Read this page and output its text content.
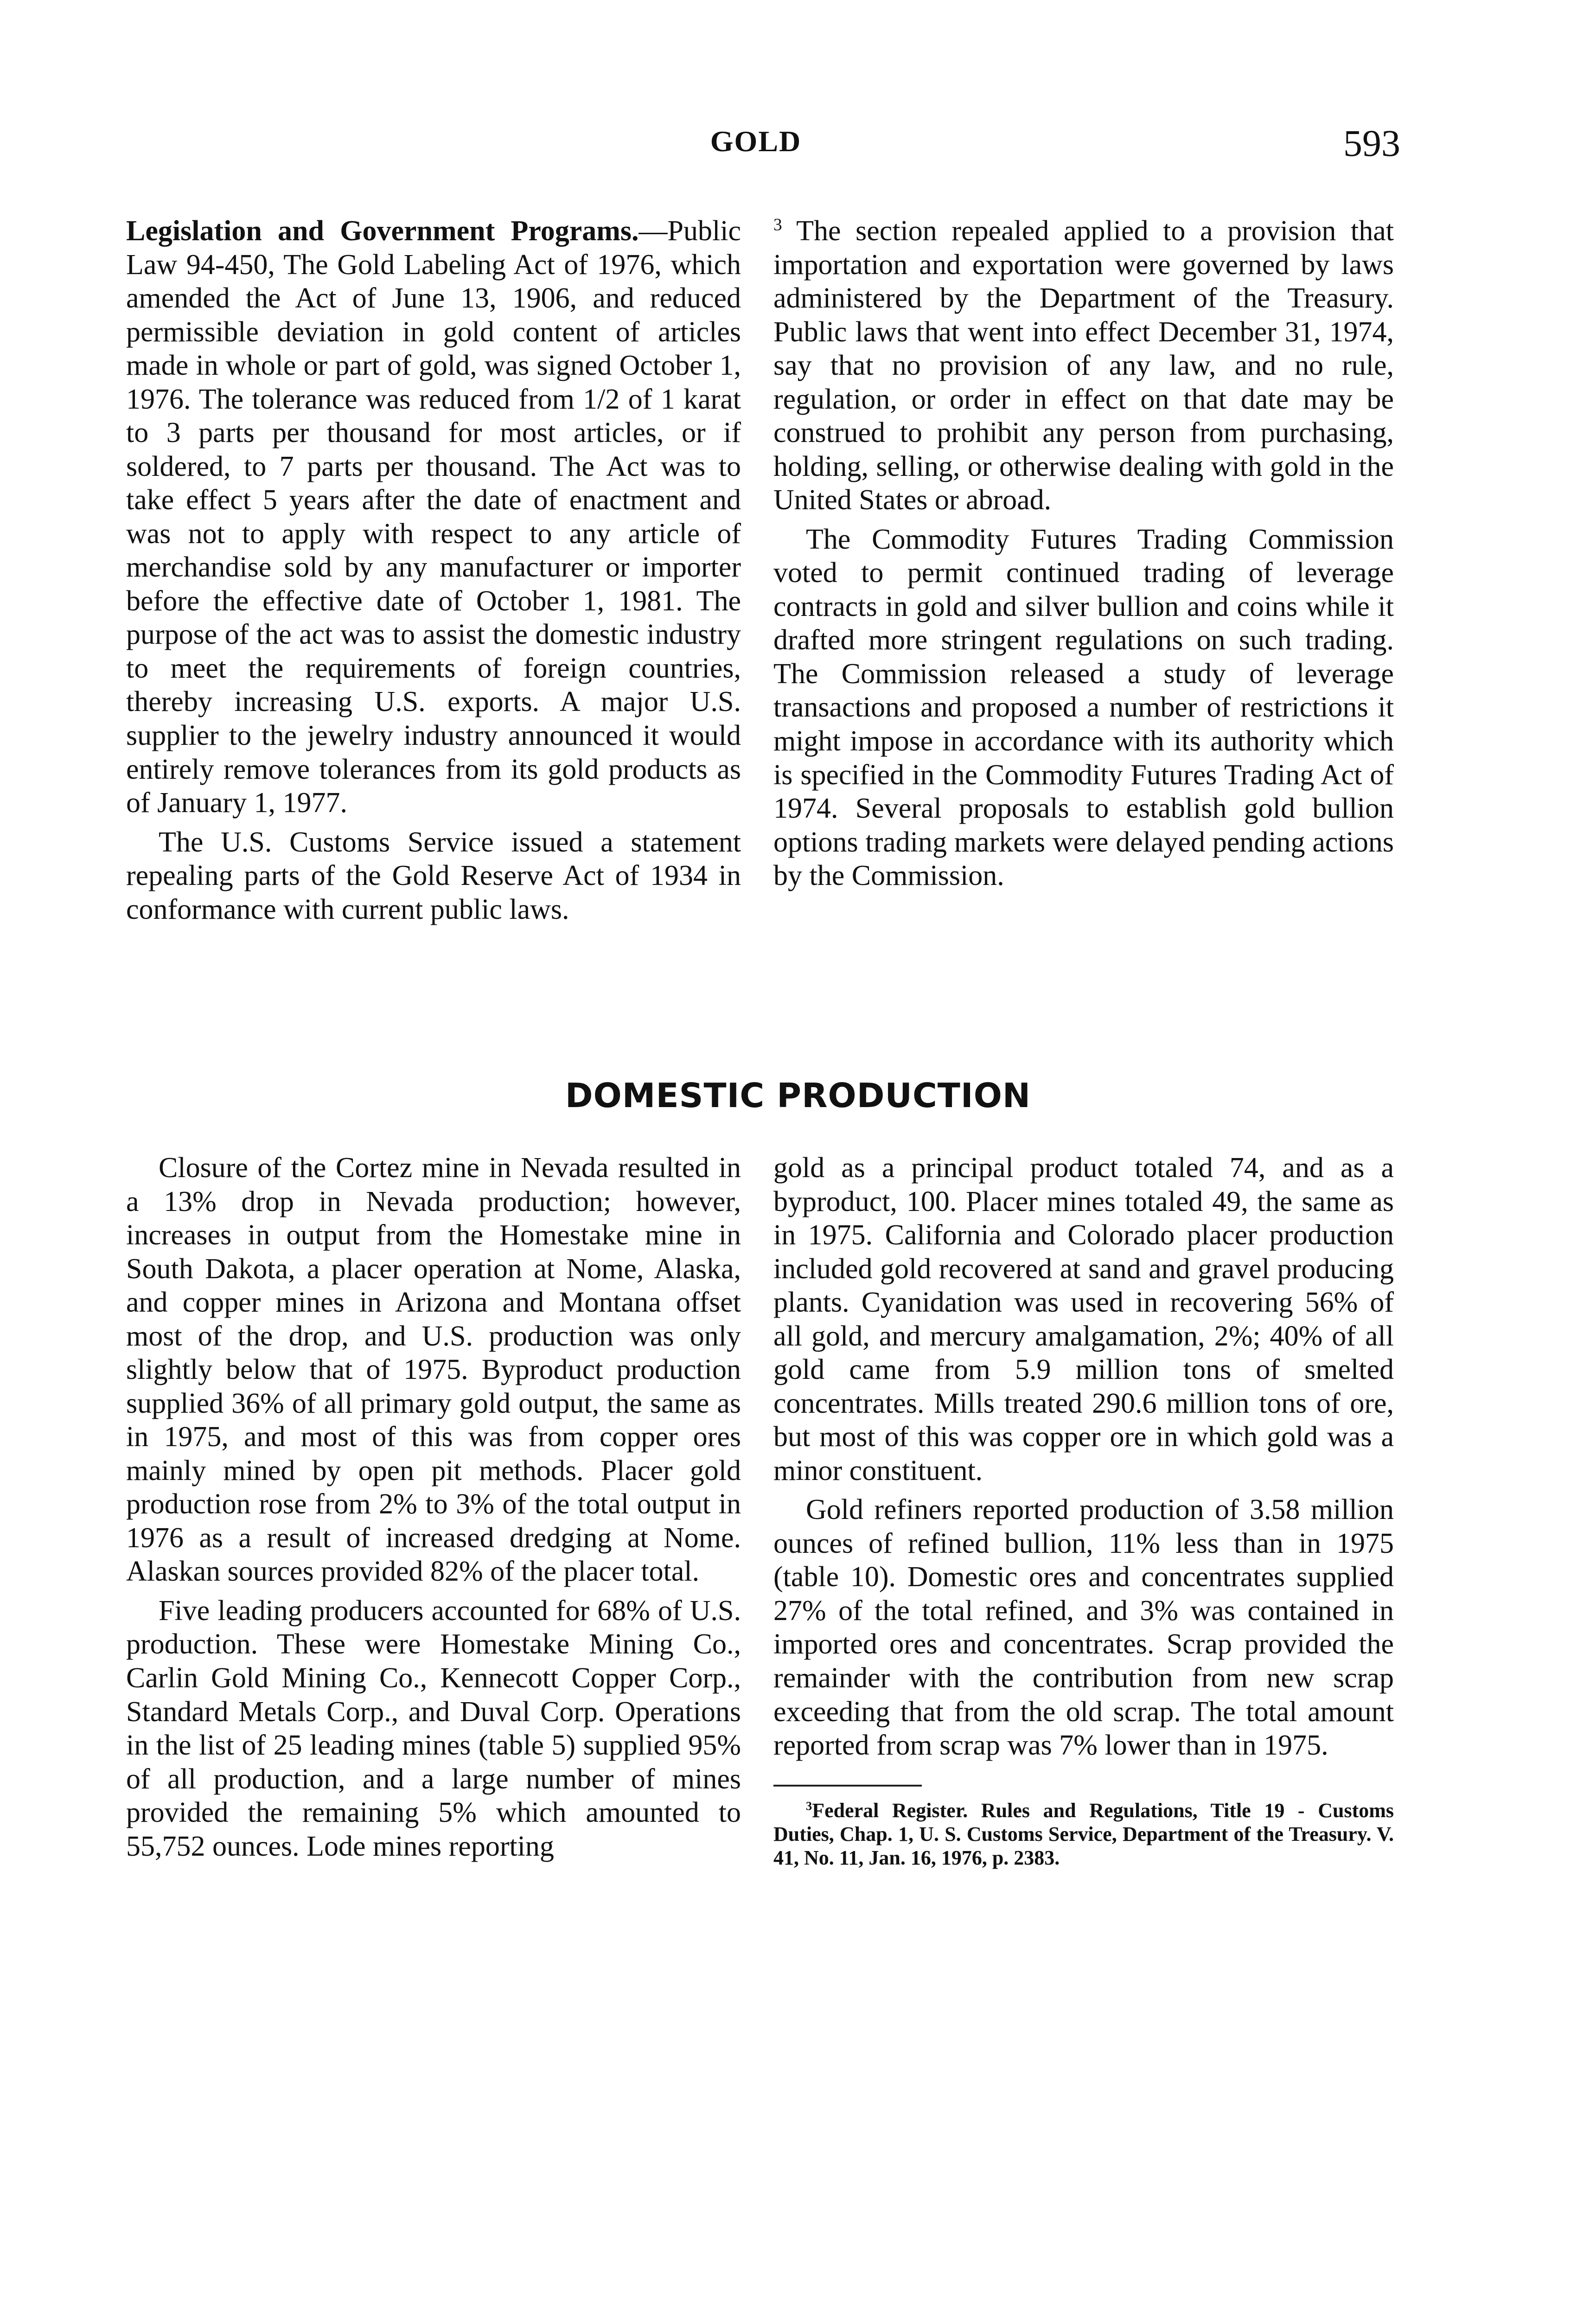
GOLD	593

Legislation and Government Programs.—Public Law 94-450, The Gold Labeling Act of 1976, which amended the Act of June 13, 1906, and reduced permissible deviation in gold content of articles made in whole or part of gold, was signed October 1, 1976. The tolerance was reduced from 1/2 of 1 karat to 3 parts per thousand for most articles, or if soldered, to 7 parts per thousand. The Act was to take effect 5 years after the date of enactment and was not to apply with respect to any article of merchandise sold by any manufacturer or importer before the effective date of October 1, 1981. The purpose of the act was to assist the domestic industry to meet the requirements of foreign countries, thereby increasing U.S. exports. A major U.S. supplier to the jewelry industry announced it would entirely remove tolerances from its gold products as of January 1, 1977.

The U.S. Customs Service issued a statement repealing parts of the Gold Reserve Act of 1934 in conformance with current public laws.

$^3$ The section repealed applied to a provision that importation and exportation were governed by laws administered by the Department of the Treasury. Public laws that went into effect December 31, 1974, say that no provision of any law, and no rule, regulation, or order in effect on that date may be construed to prohibit any person from purchasing, holding, selling, or otherwise dealing with gold in the United States or abroad.

The Commodity Futures Trading Commission voted to permit continued trading of leverage contracts in gold and silver bullion and coins while it drafted more stringent regulations on such trading. The Commission released a study of leverage transactions and proposed a number of restrictions it might impose in accordance with its authority which is specified in the Commodity Futures Trading Act of 1974. Several proposals to establish gold bullion options trading markets were delayed pending actions by the Commission.

DOMESTIC PRODUCTION

Closure of the Cortez mine in Nevada resulted in a 13% drop in Nevada production; however, increases in output from the Homestake mine in South Dakota, a placer operation at Nome, Alaska, and copper mines in Arizona and Montana offset most of the drop, and U.S. production was only slightly below that of 1975. Byproduct production supplied 36% of all primary gold output, the same as in 1975, and most of this was from copper ores mainly mined by open pit methods. Placer gold production rose from 2% to 3% of the total output in 1976 as a result of increased dredging at Nome. Alaskan sources provided 82% of the placer total.

Five leading producers accounted for 68% of U.S. production. These were Homestake Mining Co., Carlin Gold Mining Co., Kennecott Copper Corp., Standard Metals Corp., and Duval Corp. Operations in the list of 25 leading mines (table 5) supplied 95% of all production, and a large number of mines provided the remaining 5% which amounted to 55,752 ounces. Lode mines reporting

gold as a principal product totaled 74, and as a byproduct, 100. Placer mines totaled 49, the same as in 1975. California and Colorado placer production included gold recovered at sand and gravel producing plants. Cyanidation was used in recovering 56% of all gold, and mercury amalgamation, 2%; 40% of all gold came from 5.9 million tons of smelted concentrates. Mills treated 290.6 million tons of ore, but most of this was copper ore in which gold was a minor constituent.

Gold refiners reported production of 3.58 million ounces of refined bullion, 11% less than in 1975 (table 10). Domestic ores and concentrates supplied 27% of the total refined, and 3% was contained in imported ores and concentrates. Scrap provided the remainder with the contribution from new scrap exceeding that from the old scrap. The total amount reported from scrap was 7% lower than in 1975.

$^3$Federal Register. Rules and Regulations, Title 19 - Customs Duties, Chap. 1, U. S. Customs Service, Department of the Treasury. V. 41, No. 11, Jan. 16, 1976, p. 2383.
